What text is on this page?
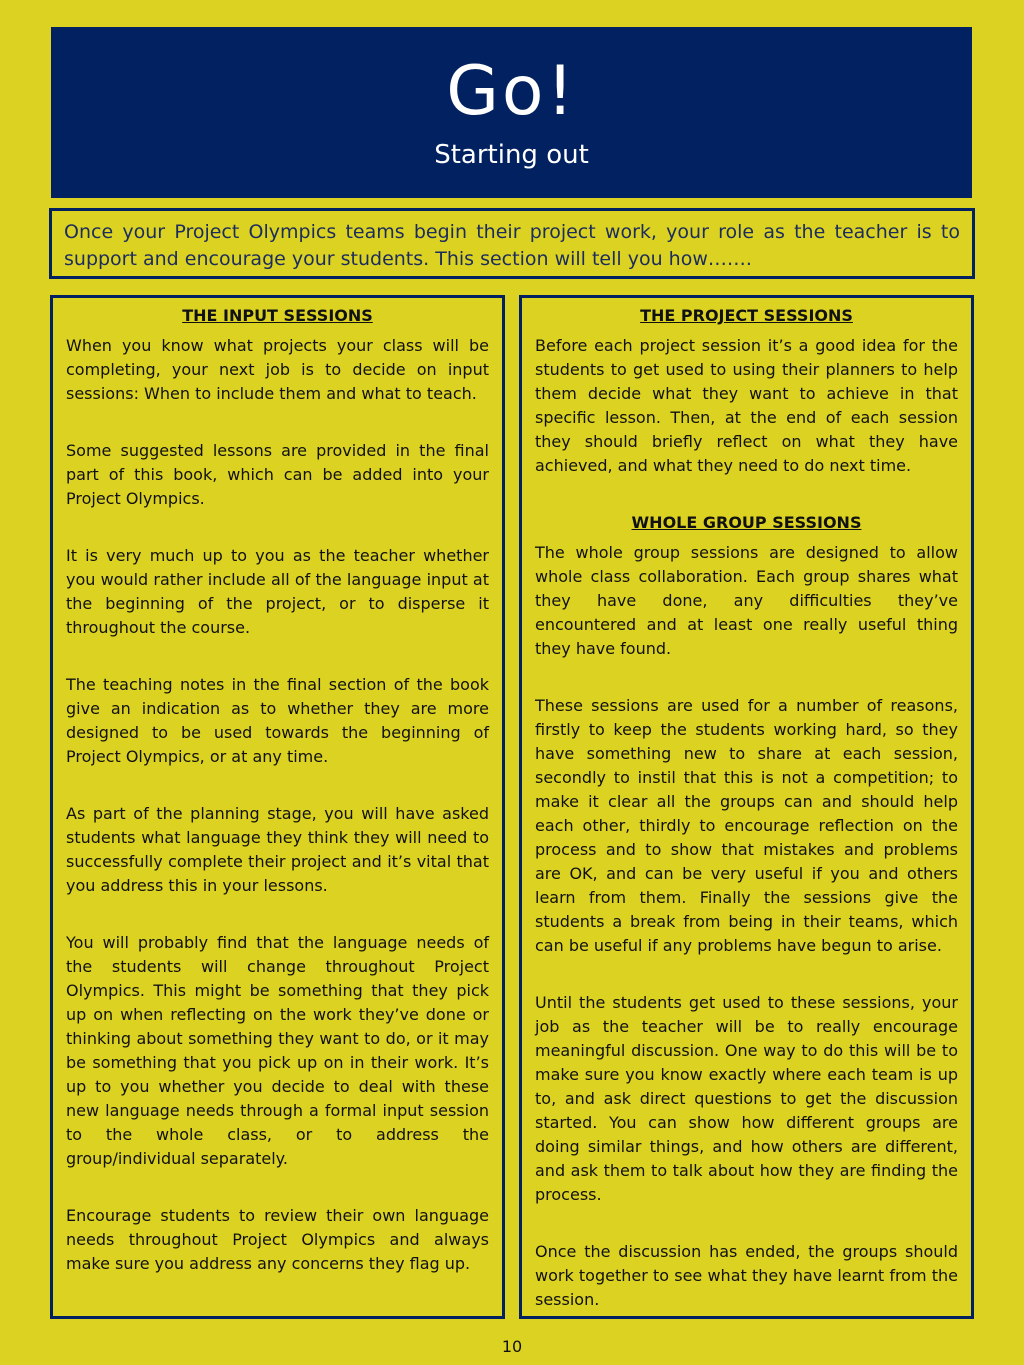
Go!
Starting out
Once your Project Olympics teams begin their project work, your role as the teacher is to support and encourage your students. This section will tell you how…….
THE INPUT SESSIONS

When you know what projects your class will be completing, your next job is to decide on input sessions: When to include them and what to teach.

Some suggested lessons are provided in the final part of this book, which can be added into your Project Olympics.

It is very much up to you as the teacher whether you would rather include all of the language input at the beginning of the project, or to disperse it throughout the course.

The teaching notes in the final section of the book give an indication as to whether they are more designed to be used towards the beginning of Project Olympics, or at any time.

As part of the planning stage, you will have asked students what language they think they will need to successfully complete their project and it’s vital that you address this in your lessons.

You will probably find that the language needs of the students will change throughout Project Olympics. This might be something that they pick up on when reflecting on the work they’ve done or thinking about something they want to do, or it may be something that you pick up on in their work. It’s up to you whether you decide to deal with these new language needs through a formal input session to the whole class, or to address the group/individual separately.

Encourage students to review their own language needs throughout Project Olympics and always make sure you address any concerns they flag up.

THE PROJECT SESSIONS

Before each project session it’s a good idea for the students to get used to using their planners to help them decide what they want to achieve in that specific lesson. Then, at the end of each session they should briefly reflect on what they have achieved, and what they need to do next time.

WHOLE GROUP SESSIONS

The whole group sessions are designed to allow whole class collaboration. Each group shares what they have done, any difficulties they’ve encountered and at least one really useful thing they have found.

These sessions are used for a number of reasons, firstly to keep the students working hard, so they have something new to share at each session, secondly to instil that this is not a competition; to make it clear all the groups can and should help each other, thirdly to encourage reflection on the process and to show that mistakes and problems are OK, and can be very useful if you and others learn from them. Finally the sessions give the students a break from being in their teams, which can be useful if any problems have begun to arise.

Until the students get used to these sessions, your job as the teacher will be to really encourage meaningful discussion. One way to do this will be to make sure you know exactly where each team is up to, and ask direct questions to get the discussion started. You can show how different groups are doing similar things, and how others are different, and ask them to talk about how they are finding the process.

Once the discussion has ended, the groups should work together to see what they have learnt from the session.

10
